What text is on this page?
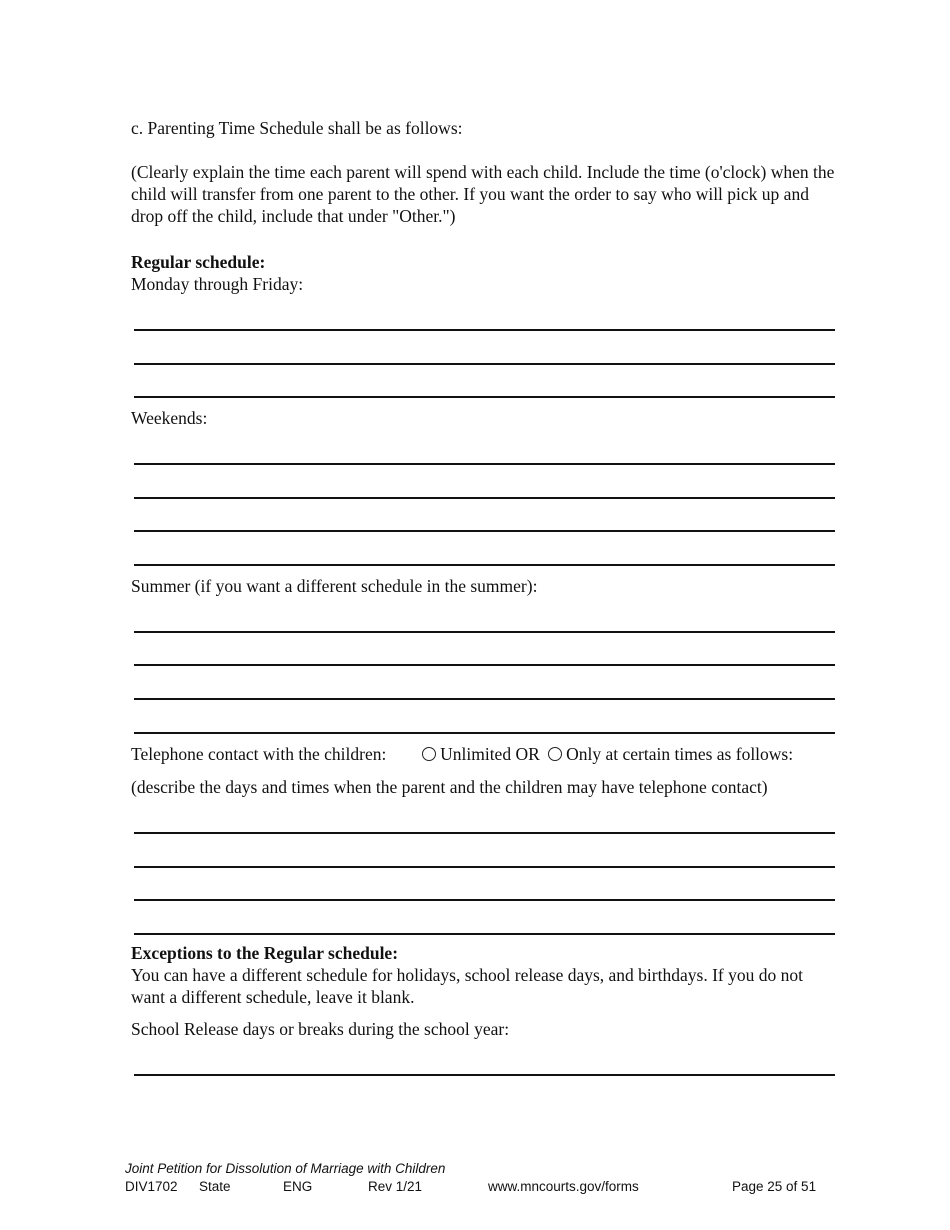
c. Parenting Time Schedule shall be as follows:
(Clearly explain the time each parent will spend with each child. Include the time (o'clock) when the child will transfer from one parent to the other. If you want the order to say who will pick up and drop off the child, include that under "Other.")
Regular schedule:
Monday through Friday:
Weekends:
Summer (if you want a different schedule in the summer):
Telephone contact with the children:	Unlimited OR Only at certain times as follows:
(describe the days and times when the parent and the children may have telephone contact)
Exceptions to the Regular schedule:
You can have a different schedule for holidays, school release days, and birthdays. If you do not want a different schedule, leave it blank.
School Release days or breaks during the school year:
Joint Petition for Dissolution of Marriage with Children
DIV1702 State	ENG	Rev 1/21	www.mncourts.gov/forms	Page 25 of 51
